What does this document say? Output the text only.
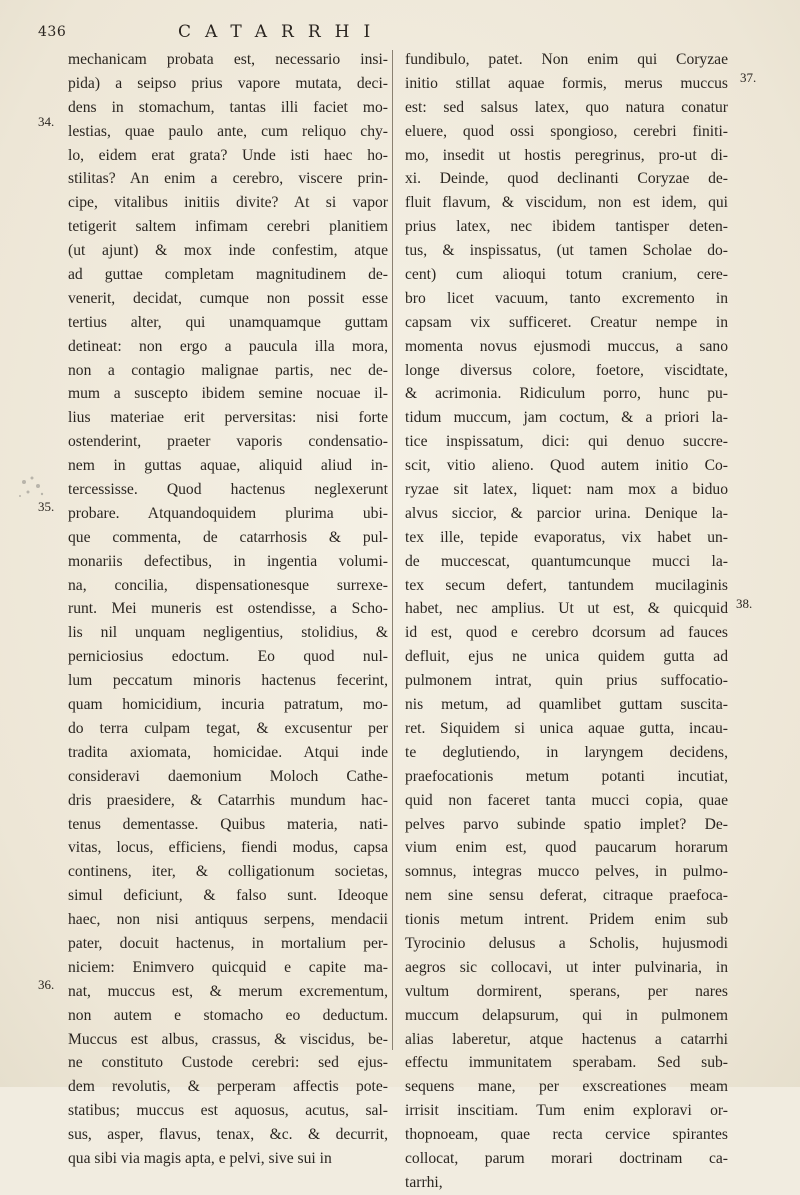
436	CATARRHI
34.
35.
36.
37.
38.
mechanicam probata est, necessario insi-
pida) a seipso prius vapore mutata, deci-
dens in stomachum, tantas illi faciet mo-
lestias, quae paulo ante, cum reliquo chy-
lo, eidem erat grata? Unde isti haec ho-
stilitas? An enim a cerebro, viscere prin-
cipe, vitalibus initiis divite? At si vapor
tetigerit saltem infimam cerebri planitiem
(ut ajunt) & mox inde confestim, atque
ad guttae completam magnitudinem de-
venerit, decidat, cumque non possit esse
tertius alter, qui unamquamque guttam
detineat: non ergo a paucula illa mora,
non a contagio malignae partis, nec de-
mum a suscepto ibidem semine nocuae il-
lius materiae erit perversitas: nisi forte
ostenderint, praeter vaporis condensatio-
nem in guttas aquae, aliquid aliud in-
tercessisse. Quod hactenus neglexerunt
probare. Atquandoquidem plurima ubi-
que commenta, de catarrhosis & pul-
monariis defectibus, in ingentia volumi-
na, concilia, dispensationesque surrexe-
runt. Mei muneris est ostendisse, a Scho-
lis nil unquam negligentius, stolidius, &
perniciosius edoctum. Eo quod nul-
lum peccatum minoris hactenus fecerint,
quam homicidium, incuria patratum, mo-
do terra culpam tegat, & excusentur per
tradita axiomata, homicidae. Atqui inde
consideravi daemonium Moloch Cathe-
dris praesidere, & Catarrhis mundum hac-
tenus dementasse. Quibus materia, nati-
vitas, locus, efficiens, fiendi modus, capsa
continens, iter, & colligationum societas,
simul deficiunt, & falso sunt. Ideoque
haec, non nisi antiquus serpens, mendacii
pater, docuit hactenus, in mortalium per-
niciem: Enimvero quicquid e capite ma-
nat, muccus est, & merum excrementum,
non autem e stomacho eo deductum.
Muccus est albus, crassus, & viscidus, be-
ne constituto Custode cerebri: sed ejus-
dem revolutis, & perperam affectis pote-
statibus; muccus est aquosus, acutus, sal-
sus, asper, flavus, tenax, &c. & decurrit,
qua sibi via magis apta, e pelvi, sive sui in
fundibulo, patet. Non enim qui Coryzae
initio stillat aquae formis, merus muccus
est: sed salsus latex, quo natura conatur
eluere, quod ossi spongioso, cerebri finiti-
mo, insedit ut hostis peregrinus, pro-ut di-
xi. Deinde, quod declinanti Coryzae de-
fluit flavum, & viscidum, non est idem, qui
prius latex, nec ibidem tantisper deten-
tus, & inspissatus, (ut tamen Scholae do-
cent) cum alioqui totum cranium, cere-
bro licet vacuum, tanto excremento in
capsam vix sufficeret. Creatur nempe in
momenta novus ejusmodi muccus, a sano
longe diversus colore, foetore, viscidtate,
& acrimonia. Ridiculum porro, hunc pu-
tidum muccum, jam coctum, & a priori la-
tice inspissatum, dici: qui denuo succre-
scit, vitio alieno. Quod autem initio Co-
ryzae sit latex, liquet: nam mox a biduo
alvus siccior, & parcior urina. Denique la-
tex ille, tepide evaporatus, vix habet un-
de muccescat, quantumcunque mucci la-
tex secum defert, tantundem mucilaginis
habet, nec amplius. Ut ut est, & quicquid
id est, quod e cerebro dcorsum ad fauces
defluit, ejus ne unica quidem gutta ad
pulmonem intrat, quin prius suffocatio-
nis metum, ad quamlibet guttam suscita-
ret. Siquidem si unica aquae gutta, incau-
te deglutiendo, in laryngem decidens,
praefocationis metum potanti incutiat,
quid non faceret tanta mucci copia, quae
pelves parvo subinde spatio implet? De-
vium enim est, quod paucarum horarum
somnus, integras mucco pelves, in pulmo-
nem sine sensu deferat, citraque praefoca-
tionis metum intrent. Pridem enim sub
Tyrocinio delusus a Scholis, hujusmodi
aegros sic collocavi, ut inter pulvinaria, in
vultum dormirent, sperans, per nares
muccum delapsurum, qui in pulmonem
alias laberetur, atque hactenus a catarrhi
effectu immunitatem sperabam. Sed sub-
sequens mane, per exscreationes meam
irrisit inscitiam. Tum enim exploravi or-
thopnoeam, quae recta cervice spirantes
collocat, parum morari doctrinam ca-
tarrhi,
